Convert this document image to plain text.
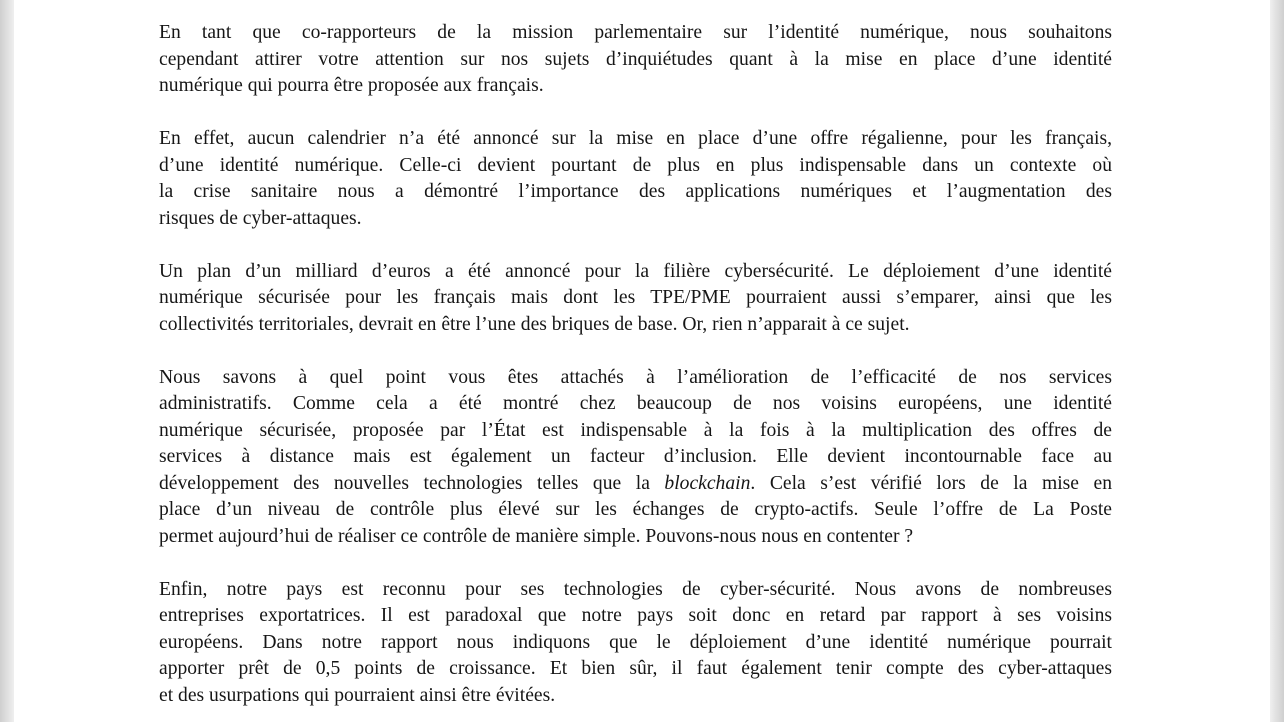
En tant que co-rapporteurs de la mission parlementaire sur l’identité numérique, nous souhaitons
cependant attirer votre attention sur nos sujets d’inquiétudes quant à la mise en place d’une identité
numérique qui pourra être proposée aux français.

En effet, aucun calendrier n’a été annoncé sur la mise en place d’une offre régalienne, pour les français,
d’une identité numérique. Celle-ci devient pourtant de plus en plus indispensable dans un contexte où
la crise sanitaire nous a démontré l’importance des applications numériques et l’augmentation des
risques de cyber-attaques.

Un plan d’un milliard d’euros a été annoncé pour la filière cybersécurité. Le déploiement d’une identité
numérique sécurisée pour les français mais dont les TPE/PME pourraient aussi s’emparer, ainsi que les
collectivités territoriales, devrait en être l’une des briques de base. Or, rien n’apparait à ce sujet.

Nous savons à quel point vous êtes attachés à l’amélioration de l’efficacité de nos services
administratifs. Comme cela a été montré chez beaucoup de nos voisins européens, une identité
numérique sécurisée, proposée par l’État est indispensable à la fois à la multiplication des offres de
services à distance mais est également un facteur d’inclusion. Elle devient incontournable face au
développement des nouvelles technologies telles que la blockchain. Cela s’est vérifié lors de la mise en
place d’un niveau de contrôle plus élevé sur les échanges de crypto-actifs. Seule l’offre de La Poste
permet aujourd’hui de réaliser ce contrôle de manière simple. Pouvons-nous nous en contenter ?

Enfin, notre pays est reconnu pour ses technologies de cyber-sécurité. Nous avons de nombreuses
entreprises exportatrices. Il est paradoxal que notre pays soit donc en retard par rapport à ses voisins
européens. Dans notre rapport nous indiquons que le déploiement d’une identité numérique pourrait
apporter prêt de 0,5 points de croissance. Et bien sûr, il faut également tenir compte des cyber-attaques
et des usurpations qui pourraient ainsi être évitées.
